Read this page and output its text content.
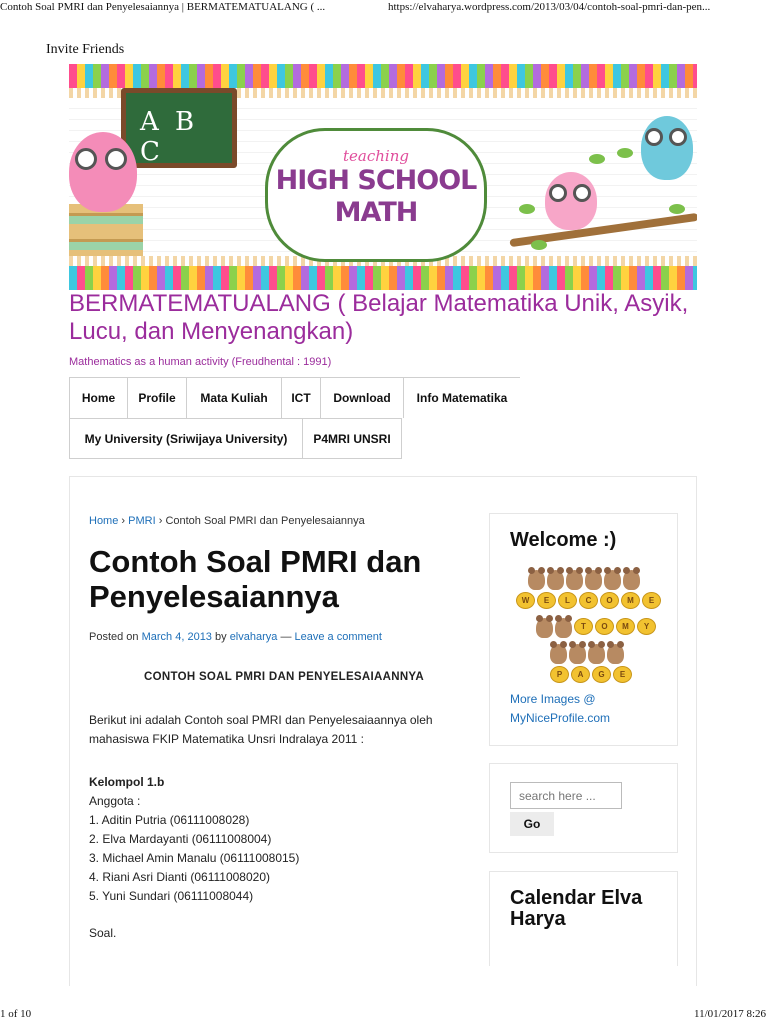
Contoh Soal PMRI dan Penyelesaiannya | BERMATEMATUALANG ( ...	https://elvaharya.wordpress.com/2013/03/04/contoh-soal-pmri-dan-pen...
Invite Friends
A B C	teaching
HIGH SCHOOL
MATH
BERMATEMATUALANG ( Belajar Matematika Unik, Asyik, Lucu, dan Menyenangkan)
Mathematics as a human activity (Freudhental : 1991)
Home	Profile	Mata Kuliah	ICT	Download	Info Matematika
My University (Sriwijaya University)	P4MRI UNSRI
Home › PMRI › Contoh Soal PMRI dan Penyelesaiannya
Contoh Soal PMRI dan Penyelesaiannya
Posted on March 4, 2013 by elvaharya — Leave a comment
CONTOH SOAL PMRI DAN PENYELESAIAANNYA
Berikut ini adalah Contoh soal PMRI dan Penyelesaiaannya oleh mahasiswa FKIP Matematika Unsri Indralaya 2011 :
Kelompol 1.b
Anggota :
1. Aditin Putria (06111008028)
2. Elva Mardayanti (06111008004)
3. Michael Amin Manalu (06111008015)
4. Riani Asri Dianti (06111008020)
5. Yuni Sundari (06111008044)
Soal.
Welcome :)
W	E	L	C	O	M	E
T	O	M	Y
P	A	G	E
More Images @
MyNiceProfile.com
search here ...
Go
Calendar Elva Harya
1 of 10	11/01/2017 8:26
